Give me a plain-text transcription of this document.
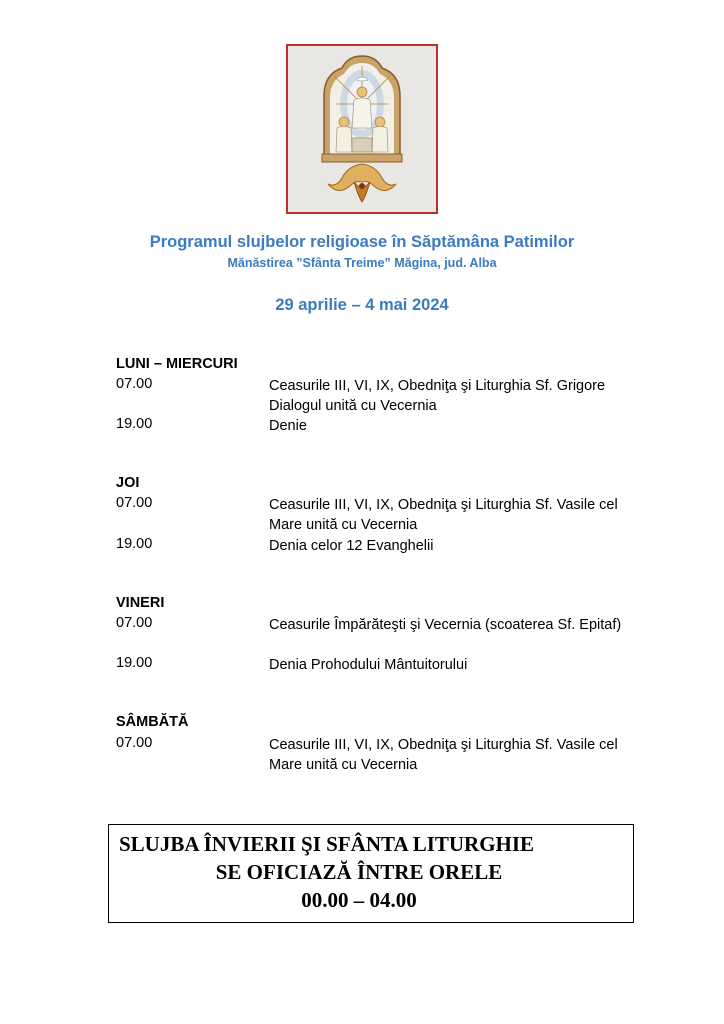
Programul slujbelor religioase în Săptămâna Patimilor
Mănăstirea ”Sfânta Treime” Măgina, jud. Alba
29 aprilie – 4 mai 2024
LUNI – MIERCURI
07.00	Ceasurile III, VI, IX, Obedniţa şi Liturghia Sf. Grigore Dialogul unită cu Vecernia
19.00	Denie
JOI
07.00	Ceasurile III, VI, IX, Obedniţa şi Liturghia Sf. Vasile cel Mare unită cu Vecernia
19.00	Denia celor 12 Evanghelii
VINERI
07.00	Ceasurile Împărăteşti şi Vecernia (scoaterea Sf. Epitaf)
19.00	Denia Prohodului Mântuitorului
SÂMBĂTĂ
07.00	Ceasurile III, VI, IX, Obedniţa şi Liturghia Sf. Vasile cel Mare unită cu Vecernia
SLUJBA ÎNVIERII ŞI SFÂNTA LITURGHIE
SE OFICIAZĂ ÎNTRE ORELE
00.00 – 04.00
